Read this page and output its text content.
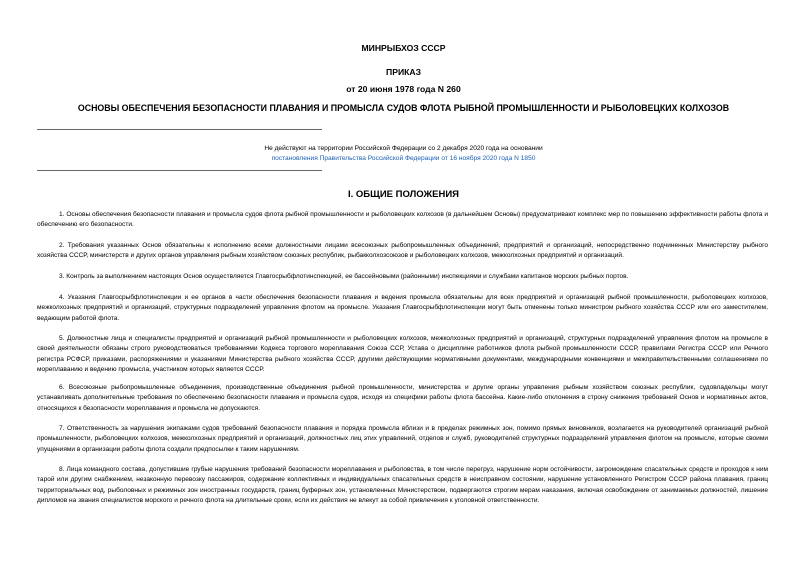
МИНРЫБХОЗ СССР
ПРИКАЗ
от 20 июня 1978 года N 260
ОСНОВЫ ОБЕСПЕЧЕНИЯ БЕЗОПАСНОСТИ ПЛАВАНИЯ И ПРОМЫСЛА СУДОВ ФЛОТА РЫБНОЙ ПРОМЫШЛЕННОСТИ И РЫБОЛОВЕЦКИХ КОЛХОЗОВ
Не действуют на территории Российской Федерации со 2 декабря 2020 года на основании
постановления Правительства Российской Федерации от 16 ноября 2020 года N 1850
I. ОБЩИЕ ПОЛОЖЕНИЯ

1. Основы обеспечения безопасности плавания и промысла судов флота рыбной промышленности и рыболовецких колхозов (в дальнейшем Основы) предусматривают комплекс мер по повышению эффективности работы флота и обеспечению его безопасности.

2. Требования указанных Основ обязательны к исполнению всеми должностными лицами всесоюзных рыбопромышленных объединений, предприятий и организаций, непосредственно подчиненных Министерству рыбного хозяйства СССР, министерств и других органов управления рыбным хозяйством союзных республик, рыбакколхозсоюзов и рыболовецких колхозов, межколхозных предприятий и организаций.

3. Контроль за выполнением настоящих Основ осуществляется Главгосрыбфлотинспекцией, ее бассейновыми (районными) инспекциями и службами капитанов морских рыбных портов.

4. Указания Главгосрыбфлотинспекции и ее органов в части обеспечения безопасности плавания и ведения промысла обязательны для всех предприятий и организаций рыбной промышленности, рыболовецких колхозов, межколхозных предприятий и организаций, структурных подразделений управления флотом на промысле. Указания Главгосрыбфлотинспекции могут быть отменены только министром рыбного хозяйства СССР или его заместителем, ведающим работой флота.

5. Должностные лица и специалисты предприятий и организаций рыбной промышленности и рыболовецких колхозов, межколхозных предприятий и организаций, структурных подразделений управления флотом на промысле в своей деятельности обязаны строго руководствоваться требованиями Кодекса торгового мореплавания Союза ССР, Устава о дисциплине работников флота рыбной промышленности СССР, правилами Регистра СССР или Речного регистра РСФСР, приказами, распоряжениями и указаниями Министерства рыбного хозяйства СССР, другими действующими нормативными документами, международными конвенциями и межправительственными соглашениями по мореплаванию и ведению промысла, участником которых является СССР.

6. Всесоюзные рыбопромышленные объединения, производственные объединения рыбной промышленности, министерства и другие органы управления рыбным хозяйством союзных республик, судовладельцы могут устанавливать дополнительные требования по обеспечению безопасности плавания и промысла судов, исходя из специфики работы флота бассейна. Какие-либо отклонения в строну снижения требований Основ и нормативных актов, относящихся к безопасности мореплавания и промысла не допускаются.

7. Ответственность за нарушения экипажами судов требований безопасности плавания и порядка промысла вблизи и в пределах режимных зон, помимо прямых виновников, возлагается на руководителей организаций рыбной промышленности, рыболовецких колхозов, межколхозных предприятий и организаций, должностных лиц этих управлений, отделов и служб, руководителей структурных подразделений управления флотом на промысле, которые своими упущениями в организации работы флота создали предпосылки к таким нарушениям.

8. Лица командного состава, допустившие грубые нарушения требований безопасности мореплавания и рыболовства, в том числе перегруз, нарушение норм остойчивости, загромождение спасательных средств и проходов к ним тарой или другим снабжением, незаконную перевозку пассажиров, содержание коллективных и индивидуальных спасательных средств в неисправном состоянии, нарушение установленного Регистром СССР района плавания, границ территориальных вод, рыболовных и режимных зон иностранных государств, границ буферных зон, установленных Министерством, подвергаются строгим мерам наказания, включая освобождение от занимаемых должностей, лишение дипломов на звания специалистов морского и речного флота на длительные сроки, если их действия не влекут за собой привлечения к уголовной ответственности.
